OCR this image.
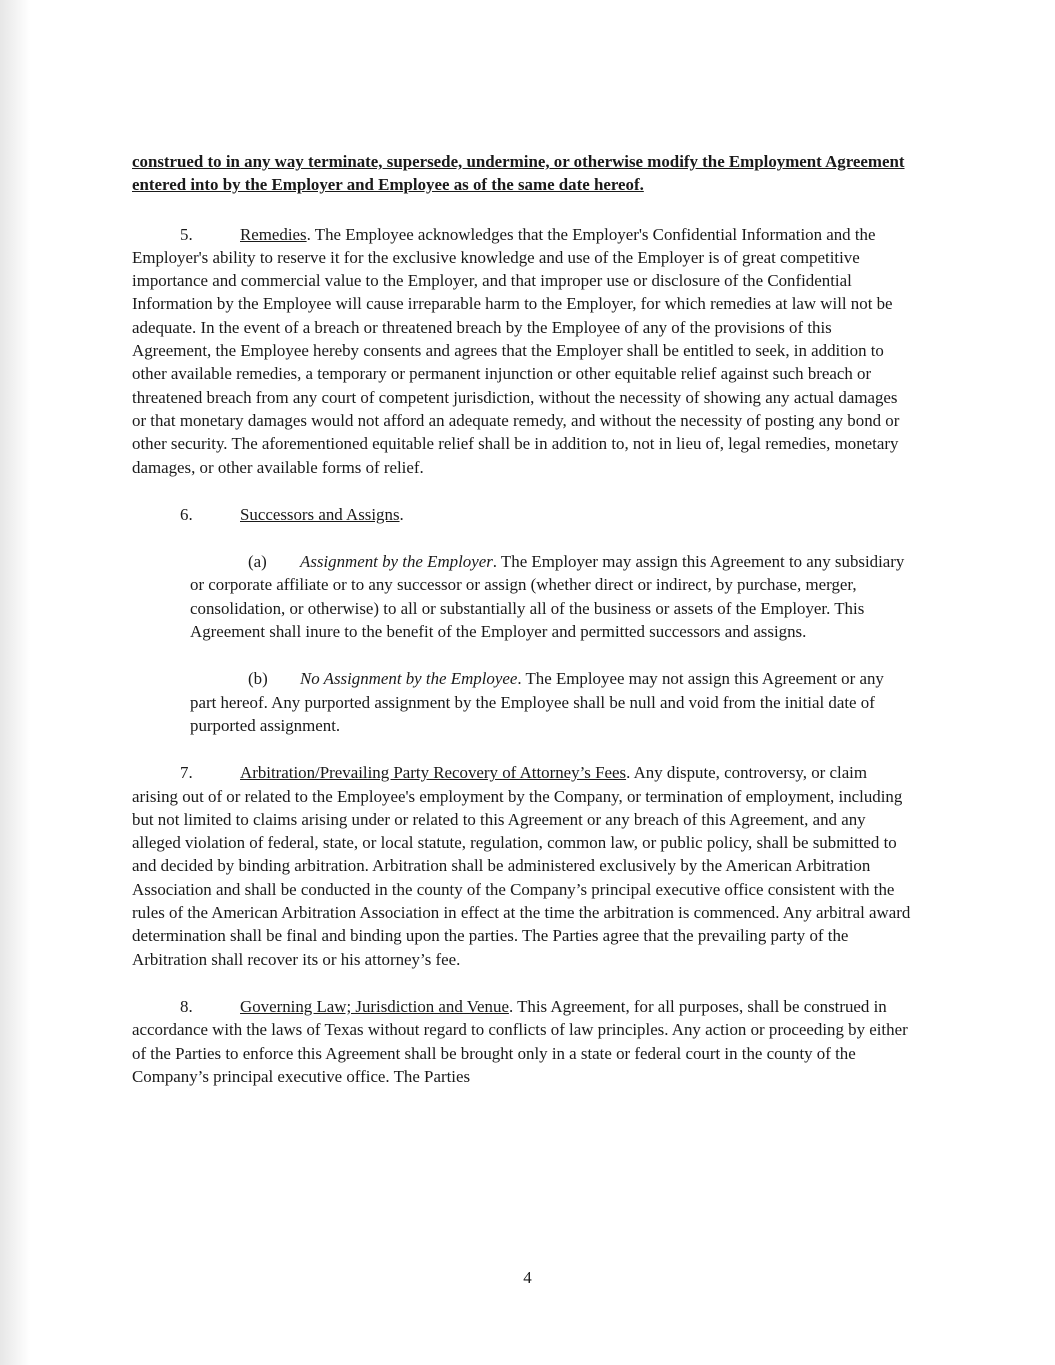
construed to in any way terminate, supersede, undermine, or otherwise modify the Employment Agreement entered into by the Employer and Employee as of the same date hereof.

5.	Remedies. The Employee acknowledges that the Employer's Confidential Information and the Employer's ability to reserve it for the exclusive knowledge and use of the Employer is of great competitive importance and commercial value to the Employer, and that improper use or disclosure of the Confidential Information by the Employee will cause irreparable harm to the Employer, for which remedies at law will not be adequate. In the event of a breach or threatened breach by the Employee of any of the provisions of this Agreement, the Employee hereby consents and agrees that the Employer shall be entitled to seek, in addition to other available remedies, a temporary or permanent injunction or other equitable relief against such breach or threatened breach from any court of competent jurisdiction, without the necessity of showing any actual damages or that monetary damages would not afford an adequate remedy, and without the necessity of posting any bond or other security. The aforementioned equitable relief shall be in addition to, not in lieu of, legal remedies, monetary damages, or other available forms of relief.

6.	Successors and Assigns.

(a) Assignment by the Employer. The Employer may assign this Agreement to any subsidiary or corporate affiliate or to any successor or assign (whether direct or indirect, by purchase, merger, consolidation, or otherwise) to all or substantially all of the business or assets of the Employer. This Agreement shall inure to the benefit of the Employer and permitted successors and assigns.

(b) No Assignment by the Employee. The Employee may not assign this Agreement or any part hereof. Any purported assignment by the Employee shall be null and void from the initial date of purported assignment.

7.	Arbitration/Prevailing Party Recovery of Attorney’s Fees. Any dispute, controversy, or claim arising out of or related to the Employee's employment by the Company, or termination of employment, including but not limited to claims arising under or related to this Agreement or any breach of this Agreement, and any alleged violation of federal, state, or local statute, regulation, common law, or public policy, shall be submitted to and decided by binding arbitration. Arbitration shall be administered exclusively by the American Arbitration Association and shall be conducted in the county of the Company’s principal executive office consistent with the rules of the American Arbitration Association in effect at the time the arbitration is commenced. Any arbitral award determination shall be final and binding upon the parties. The Parties agree that the prevailing party of the Arbitration shall recover its or his attorney’s fee.

8.	Governing Law; Jurisdiction and Venue. This Agreement, for all purposes, shall be construed in accordance with the laws of Texas without regard to conflicts of law principles. Any action or proceeding by either of the Parties to enforce this Agreement shall be brought only in a state or federal court in the county of the Company’s principal executive office. The Parties

4
